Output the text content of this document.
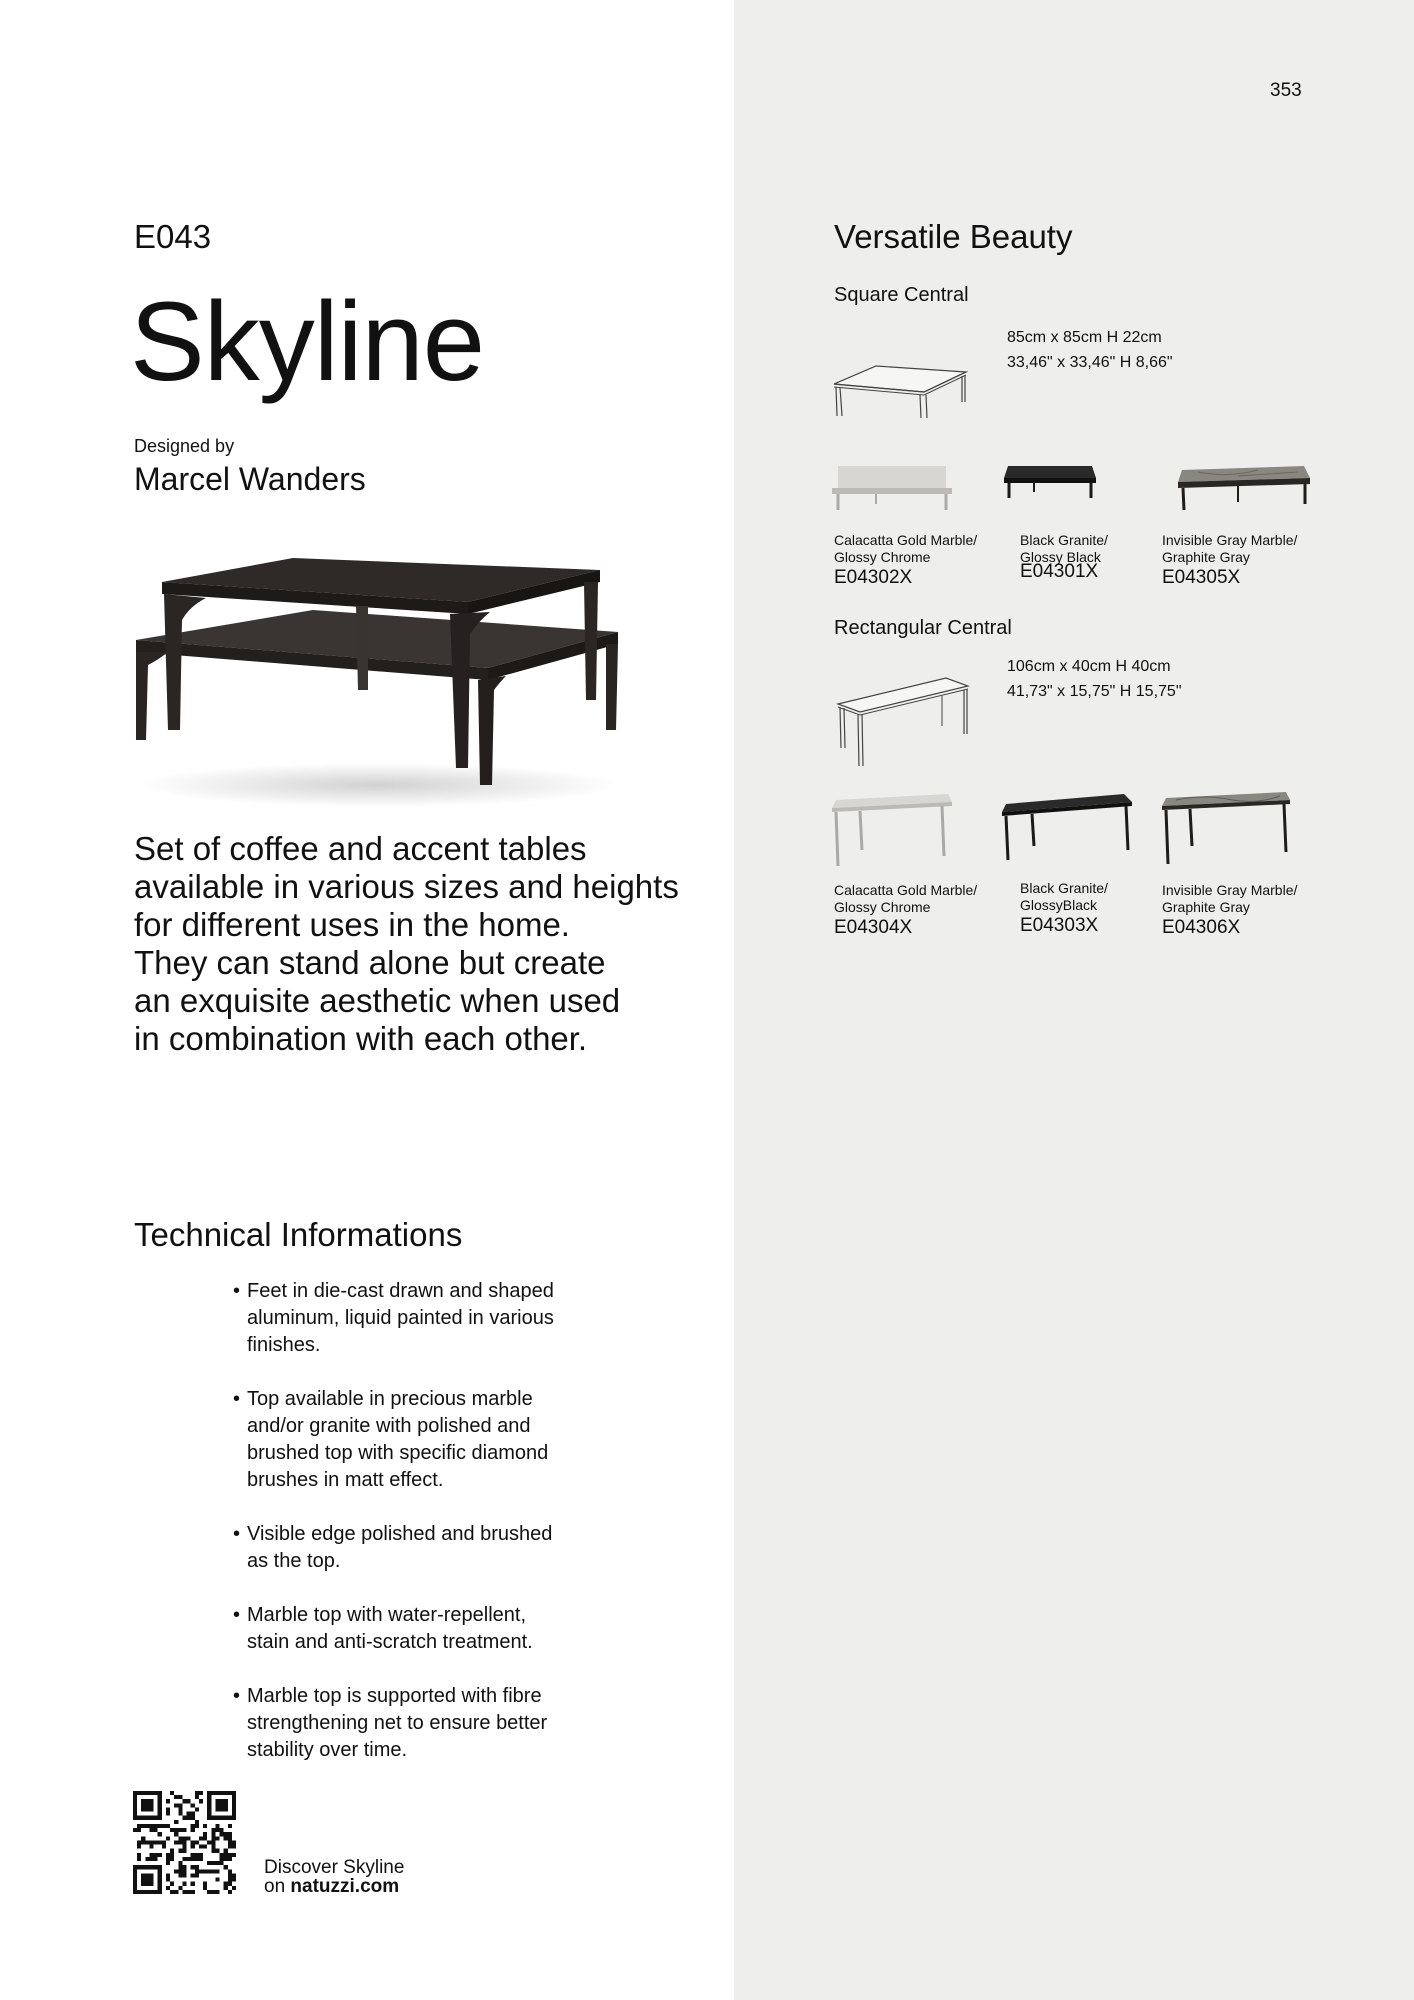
353
E043
Skyline
Designed by
Marcel Wanders
Set of coffee and accent tables
available in various sizes and heights
for different uses in the home.
They can stand alone but create
an exquisite aesthetic when used
in combination with each other.
Technical Informations
• Feet in die-cast drawn and shaped
aluminum, liquid painted in various
finishes.
• Top available in precious marble
and/or granite with polished and
brushed top with specific diamond
brushes in matt effect.
• Visible edge polished and brushed
as the top.
• Marble top with water-repellent,
stain and anti-scratch treatment.
• Marble top is supported with fibre
strengthening net to ensure better
stability over time.
Discover Skyline
on natuzzi.com
Versatile Beauty
Square Central
85cm x 85cm H 22cm
33,46" x 33,46" H 8,66"
Calacatta Gold Marble/
Glossy Chrome
E04302X
Black Granite/
Glossy Black
E04301X
Invisible Gray Marble/
Graphite Gray
E04305X
Rectangular Central
106cm x 40cm H 40cm
41,73" x 15,75" H 15,75"
Calacatta Gold Marble/
Glossy Chrome
E04304X
Black Granite/
GlossyBlack
E04303X
Invisible Gray Marble/
Graphite Gray
E04306X
